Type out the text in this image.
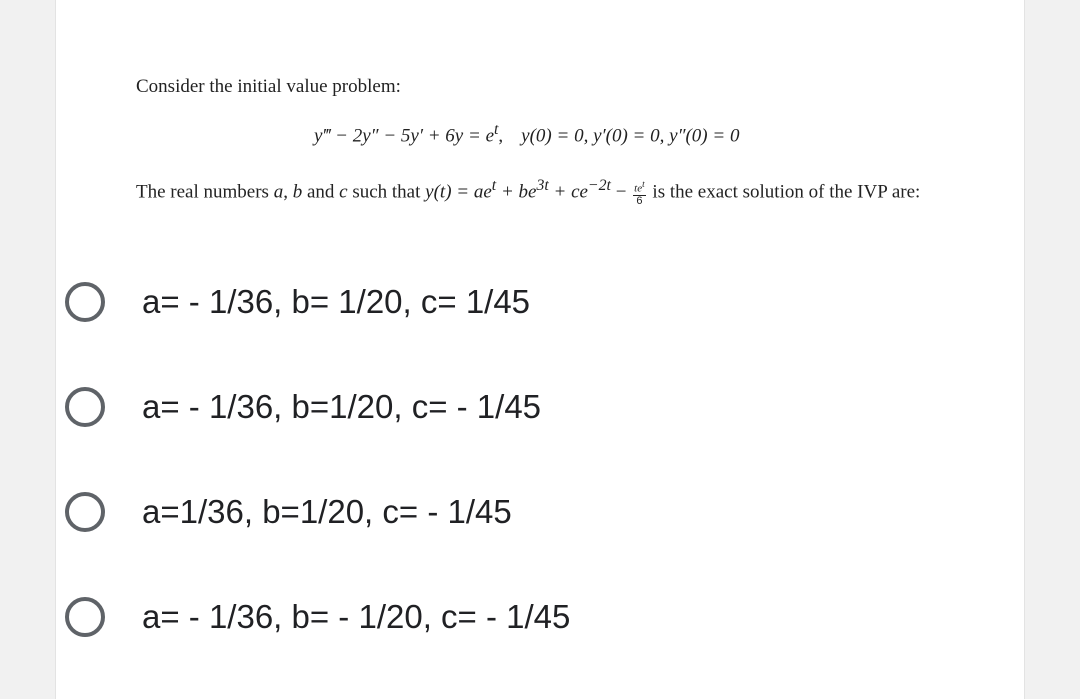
Consider the initial value problem:

y‴ − $2y'' - 5y' + 6y = e^t$, y(0) = 0, y′(0) = 0, y″(0) = 0

The real numbers a, b and c such that $y(t) = ae^t + be^{3t} + ce^{-2t} - \frac{te^t}{6}$ is the exact solution of the IVP are:

a= - 1/36, b= 1/20, c= 1/45
a= - 1/36, b=1/20, c= - 1/45
a=1/36, b=1/20, c= - 1/45
a= - 1/36, b= - 1/20, c= - 1/45
